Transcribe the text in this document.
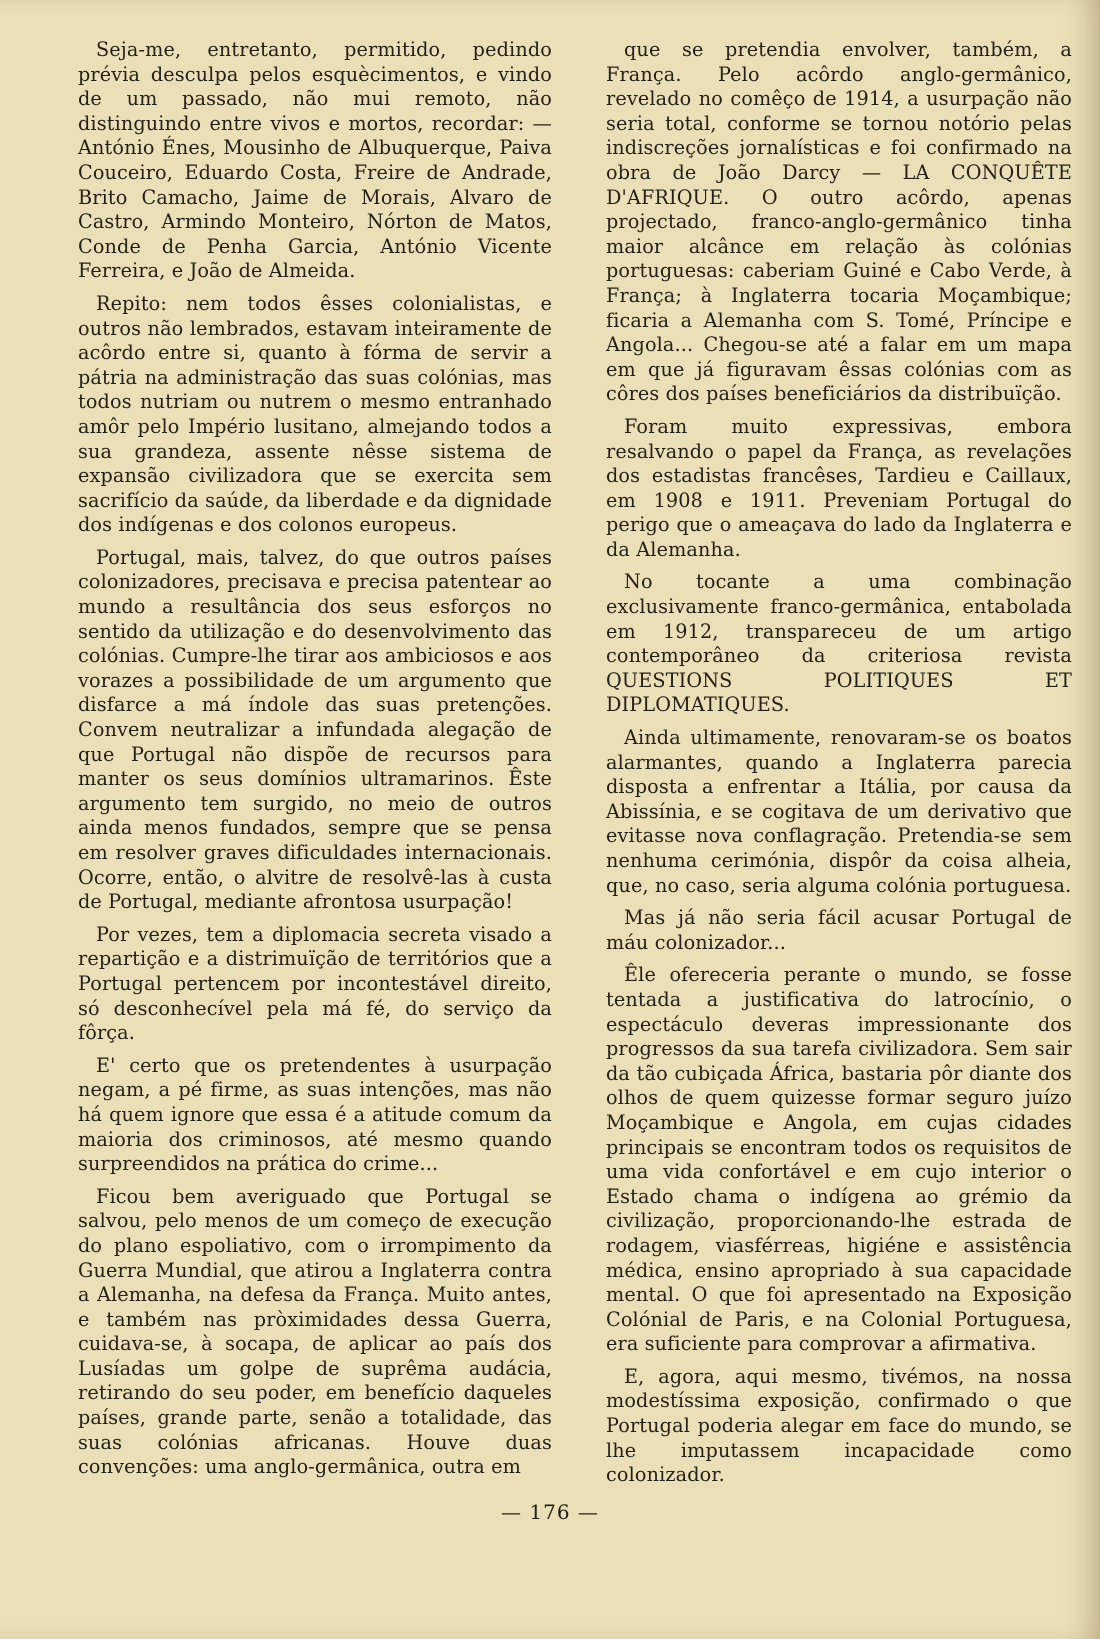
Seja-me, entretanto, permitido, pedindo prévia desculpa pelos esquècimentos, e vindo de um passado, não mui remoto, não distinguindo entre vivos e mortos, recordar: — António Énes, Mousinho de Albuquerque, Paiva Couceiro, Eduardo Costa, Freire de Andrade, Brito Camacho, Jaime de Morais, Alvaro de Castro, Armindo Monteiro, Nórton de Matos, Conde de Penha Garcia, António Vicente Ferreira, e João de Almeida.

Repito: nem todos êsses colonialistas, e outros não lembrados, estavam inteiramente de acôrdo entre si, quanto à fórma de servir a pátria na administração das suas colónias, mas todos nutriam ou nutrem o mesmo entranhado amôr pelo Império lusitano, almejando todos a sua grandeza, assente nêsse sistema de expansão civilizadora que se exercita sem sacrifício da saúde, da liberdade e da dignidade dos indígenas e dos colonos europeus.

Portugal, mais, talvez, do que outros países colonizadores, precisava e precisa patentear ao mundo a resultância dos seus esforços no sentido da utilização e do desenvolvimento das colónias. Cumpre-lhe tirar aos ambiciosos e aos vorazes a possibilidade de um argumento que disfarce a má índole das suas pretenções. Convem neutralizar a infundada alegação de que Portugal não dispõe de recursos para manter os seus domínios ultramarinos. Êste argumento tem surgido, no meio de outros ainda menos fundados, sempre que se pensa em resolver graves dificuldades internacionais. Ocorre, então, o alvitre de resolvê-las à custa de Portugal, mediante afrontosa usurpação!

Por vezes, tem a diplomacia secreta visado a repartição e a distrimuïção de territórios que a Portugal pertencem por incontestável direito, só desconhecível pela má fé, do serviço da fôrça.

E' certo que os pretendentes à usurpação negam, a pé firme, as suas intenções, mas não há quem ignore que essa é a atitude comum da maioria dos criminosos, até mesmo quando surpreendidos na prática do crime...

Ficou bem averiguado que Portugal se salvou, pelo menos de um começo de execução do plano espoliativo, com o irrompimento da Guerra Mundial, que atirou a Inglaterra contra a Alemanha, na defesa da França. Muito antes, e também nas pròximidades dessa Guerra, cuidava-se, à socapa, de aplicar ao país dos Lusíadas um golpe de suprêma audácia, retirando do seu poder, em benefício daqueles países, grande parte, senão a totalidade, das suas colónias africanas. Houve duas convenções: uma anglo-germânica, outra em

que se pretendia envolver, também, a França. Pelo acôrdo anglo-germânico, revelado no comêço de 1914, a usurpação não seria total, conforme se tornou notório pelas indiscreções jornalísticas e foi confirmado na obra de João Darcy — LA CONQUÊTE D'AFRIQUE. O outro acôrdo, apenas projectado, franco-anglo-germânico tinha maior alcânce em relação às colónias portuguesas: caberiam Guiné e Cabo Verde, à França; à Inglaterra tocaria Moçambique; ficaria a Alemanha com S. Tomé, Príncipe e Angola... Chegou-se até a falar em um mapa em que já figuravam êssas colónias com as côres dos países beneficiários da distribuïção.

Foram muito expressivas, embora resalvando o papel da França, as revelações dos estadistas francêses, Tardieu e Caillaux, em 1908 e 1911. Preveniam Portugal do perigo que o ameaçava do lado da Inglaterra e da Alemanha.

No tocante a uma combinação exclusivamente franco-germânica, entabolada em 1912, transpareceu de um artigo contemporâneo da criteriosa revista QUESTIONS POLITIQUES ET DIPLOMATIQUES.

Ainda ultimamente, renovaram-se os boatos alarmantes, quando a Inglaterra parecia disposta a enfrentar a Itália, por causa da Abissínia, e se cogitava de um derivativo que evitasse nova conflagração. Pretendia-se sem nenhuma cerimónia, dispôr da coisa alheia, que, no caso, seria alguma colónia portuguesa.

Mas já não seria fácil acusar Portugal de máu colonizador...

Êle ofereceria perante o mundo, se fosse tentada a justificativa do latrocínio, o espectáculo deveras impressionante dos progressos da sua tarefa civilizadora. Sem sair da tão cubiçada África, bastaria pôr diante dos olhos de quem quizesse formar seguro juízo Moçambique e Angola, em cujas cidades principais se encontram todos os requisitos de uma vida confortável e em cujo interior o Estado chama o indígena ao grémio da civilização, proporcionando-lhe estrada de rodagem, viasférreas, higiéne e assistência médica, ensino apropriado à sua capacidade mental. O que foi apresentado na Exposição Colónial de Paris, e na Colonial Portuguesa, era suficiente para comprovar a afirmativa.

E, agora, aqui mesmo, tivémos, na nossa modestíssima exposição, confirmado o que Portugal poderia alegar em face do mundo, se lhe imputassem incapacidade como colonizador.

— 176 —
